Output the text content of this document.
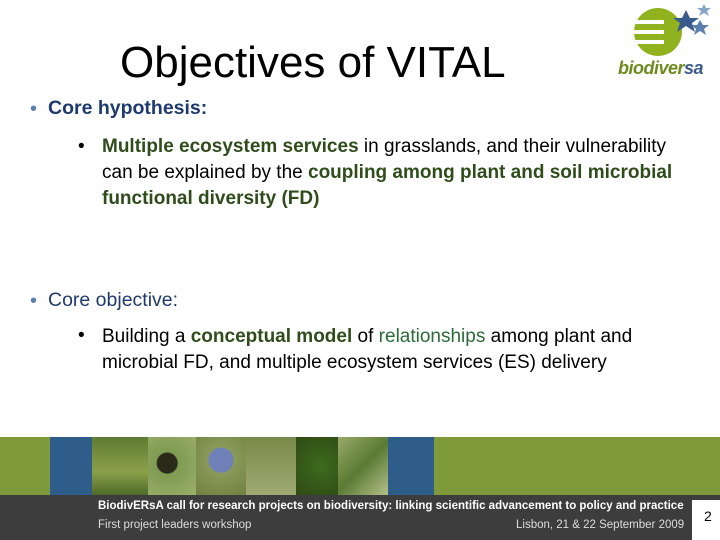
Objectives of VITAL	biodiversa
• Core hypothesis:
• Multiple ecosystem services in grasslands, and their vulnerability can be explained by the coupling among plant and soil microbial functional diversity (FD)
• Core objective:
• Building a conceptual model of relationships among plant and microbial FD, and multiple ecosystem services (ES) delivery
BiodivERsA call for research projects on biodiversity: linking scientific advancement to policy and practice
First project leaders workshop	Lisbon, 21 & 22 September 2009
2
